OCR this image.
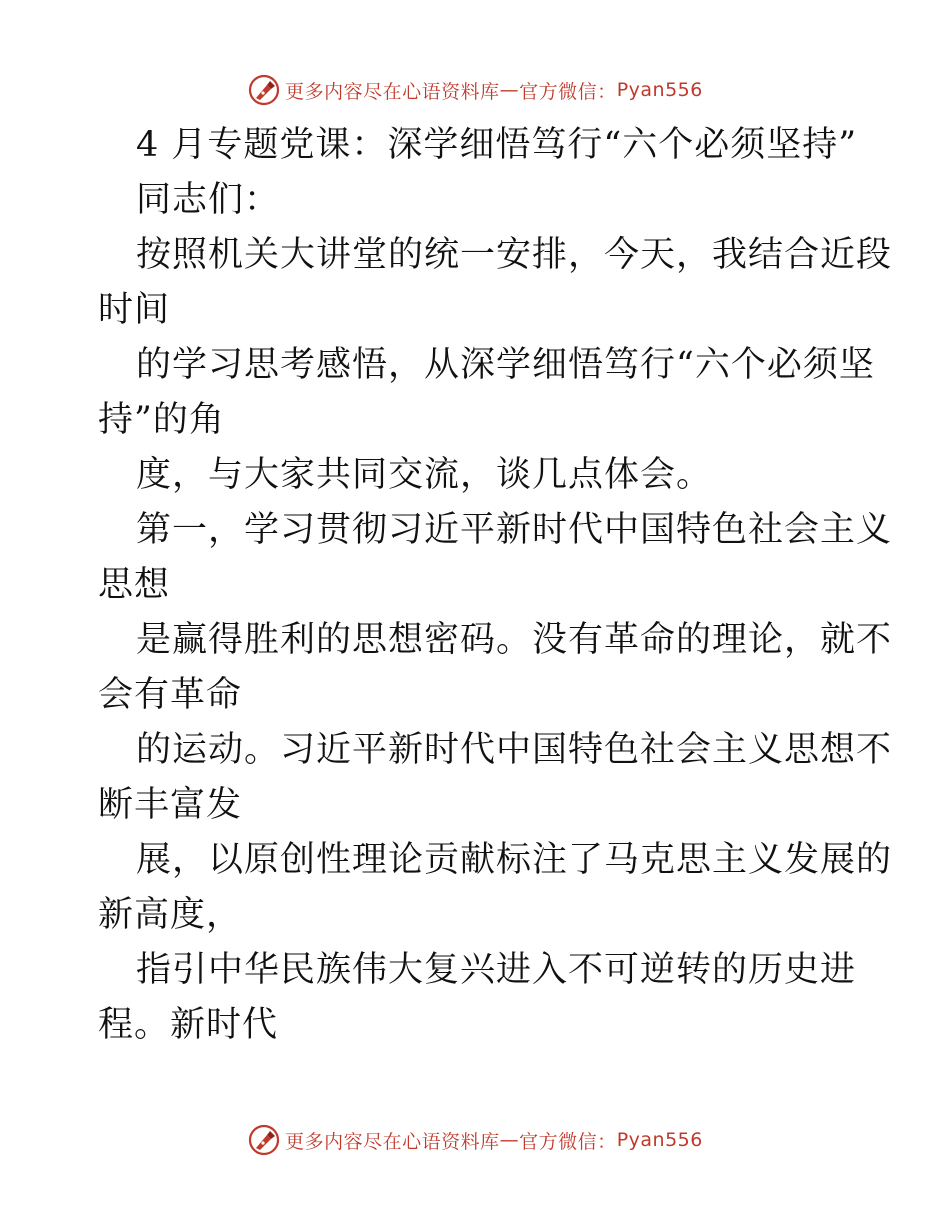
更多内容尽在心语资料库 — 官方微信： Pyan556
4 月专题党课：深学细悟笃行“六个必须坚持”
同志们：
按照机关大讲堂的统一安排，今天，我结合近段
时间
的学习思考感悟，从深学细悟笃行“六个必须坚
持”的角
度，与大家共同交流，谈几点体会。
第一，学习贯彻习近平新时代中国特色社会主义
思想
是赢得胜利的思想密码。没有革命的理论，就不
会有革命
的运动。习近平新时代中国特色社会主义思想不
断丰富发
展，以原创性理论贡献标注了马克思主义发展的
新高度，
指引中华民族伟大复兴进入不可逆转的历史进
程。新时代
更多内容尽在心语资料库 — 官方微信： Pyan556
